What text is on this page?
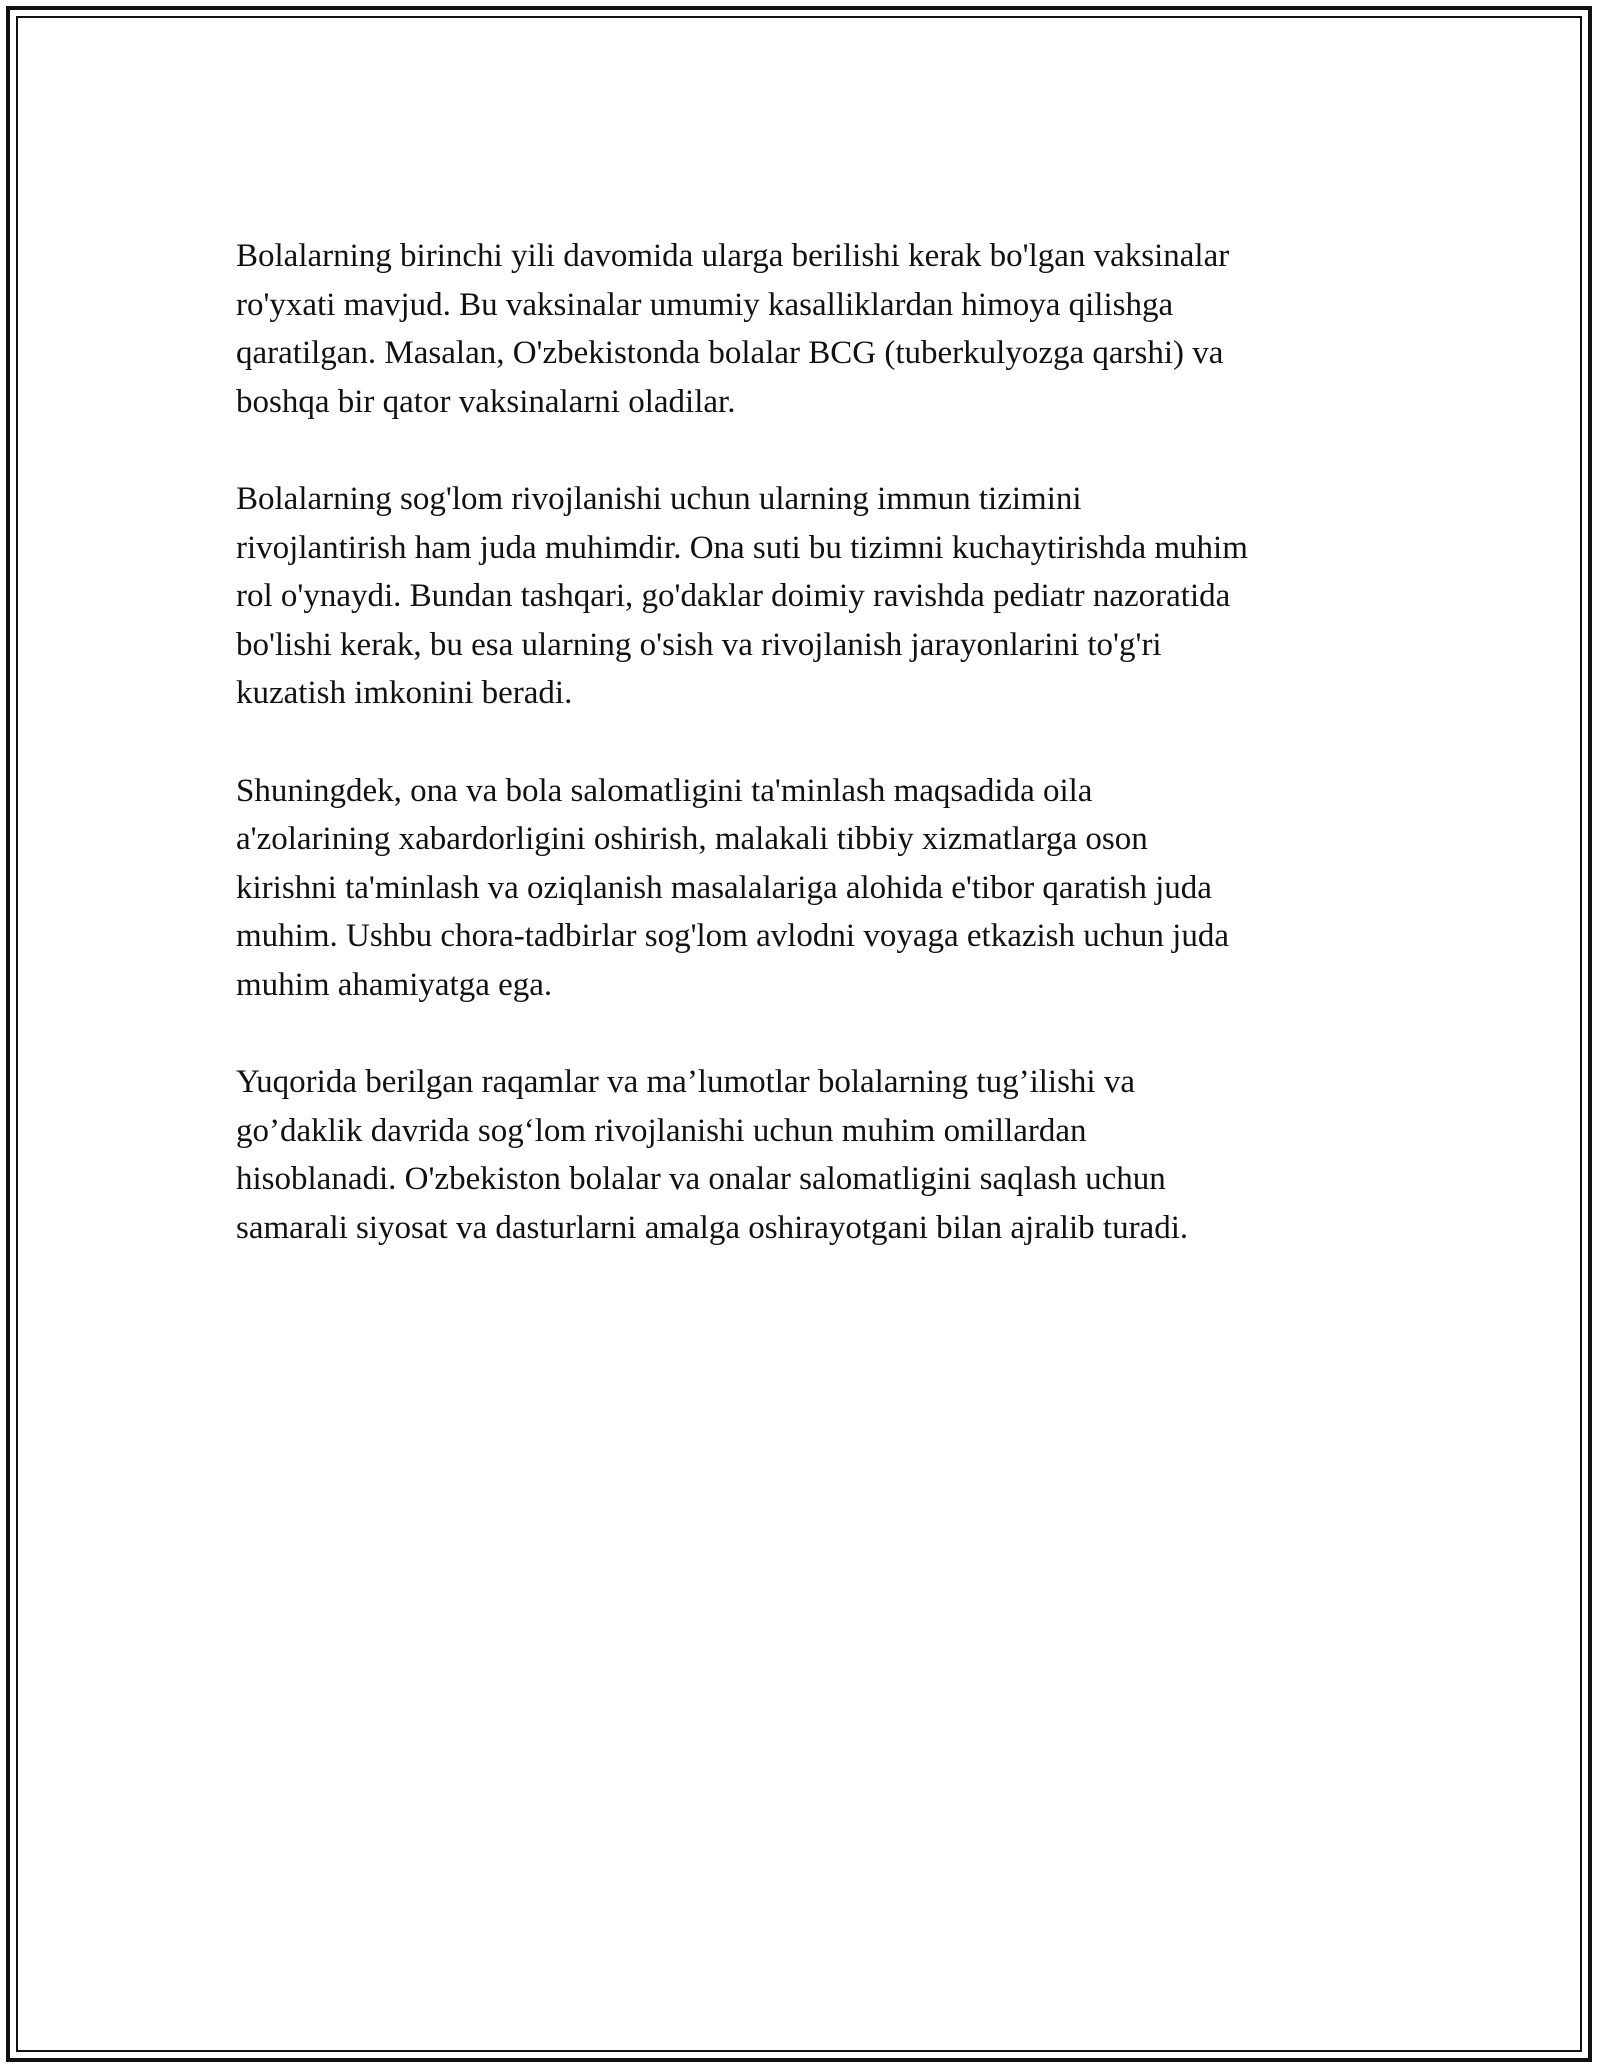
Bolalarning birinchi yili davomida ularga berilishi kerak bo'lgan vaksinalar
ro'yxati mavjud. Bu vaksinalar umumiy kasalliklardan himoya qilishga
qaratilgan. Masalan, O'zbekistonda bolalar BCG (tuberkulyozga qarshi) va
boshqa bir qator vaksinalarni oladilar.

Bolalarning sog'lom rivojlanishi uchun ularning immun tizimini
rivojlantirish ham juda muhimdir. Ona suti bu tizimni kuchaytirishda muhim
rol o'ynaydi. Bundan tashqari, go'daklar doimiy ravishda pediatr nazoratida
bo'lishi kerak, bu esa ularning o'sish va rivojlanish jarayonlarini to'g'ri
kuzatish imkonini beradi.

Shuningdek, ona va bola salomatligini ta'minlash maqsadida oila
a'zolarining xabardorligini oshirish, malakali tibbiy xizmatlarga oson
kirishni ta'minlash va oziqlanish masalalariga alohida e'tibor qaratish juda
muhim. Ushbu chora-tadbirlar sog'lom avlodni voyaga etkazish uchun juda
muhim ahamiyatga ega.

Yuqorida berilgan raqamlar va ma’lumotlar bolalarning tug’ilishi va
go’daklik davrida sog‘lom rivojlanishi uchun muhim omillardan
hisoblanadi. O'zbekiston bolalar va onalar salomatligini saqlash uchun
samarali siyosat va dasturlarni amalga oshirayotgani bilan ajralib turadi.
